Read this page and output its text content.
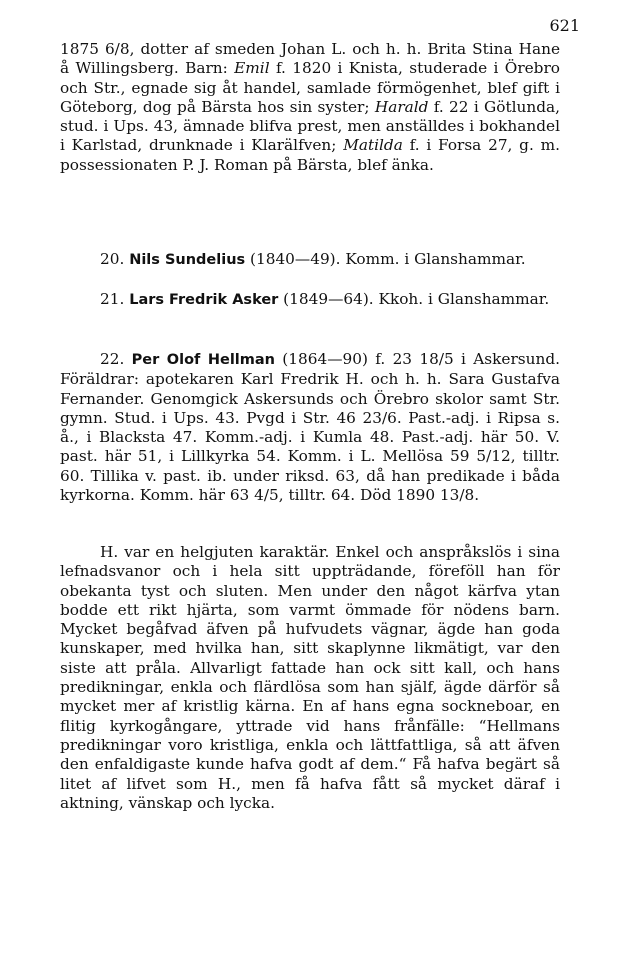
621
1875 6/8, dotter af smeden Johan L. och h. h. Brita Stina Hane å Willingsberg. Barn: Emil f. 1820 i Knista, studerade i Örebro och Str., egnade sig åt handel, samlade förmögenhet, blef gift i Göteborg, dog på Bärsta hos sin syster; Harald f. 22 i Götlunda, stud. i Ups. 43, ämnade blifva prest, men anställdes i bokhandel i Karlstad, drunknade i Klarälfven; Matilda f. i Forsa 27, g. m. possessionaten P. J. Roman på Bärsta, blef änka.
20. Nils Sundelius (1840—49). Komm. i Glanshammar.
21. Lars Fredrik Asker (1849—64). Kkoh. i Glanshammar.
22. Per Olof Hellman (1864—90) f. 23 18/5 i Askersund. Föräldrar: apotekaren Karl Fredrik H. och h. h. Sara Gustafva Fernander. Genomgick Askersunds och Örebro skolor samt Str. gymn. Stud. i Ups. 43. Pvgd i Str. 46 23/6. Past.-adj. i Ripsa s. å., i Blacksta 47. Komm.-adj. i Kumla 48. Past.-adj. här 50. V. past. här 51, i Lillkyrka 54. Komm. i L. Mellösa 59 5/12, tilltr. 60. Tillika v. past. ib. under riksd. 63, då han predikade i båda kyrkorna. Komm. här 63 4/5, tilltr. 64. Död 1890 13/8.
H. var en helgjuten karaktär. Enkel och anspråkslös i sina lefnadsvanor och i hela sitt uppträdande, föreföll han för obekanta tyst och sluten. Men under den något kärfva ytan bodde ett rikt hjärta, som varmt ömmade för nödens barn. Mycket begåfvad äfven på hufvudets vägnar, ägde han goda kunskaper, med hvilka han, sitt skaplynne likmätigt, var den siste att pråla. Allvarligt fattade han ock sitt kall, och hans predikningar, enkla och flärdlösa som han själf, ägde därför så mycket mer af kristlig kärna. En af hans egna sockneboar, en flitig kyrkogångare, yttrade vid hans frånfälle: “Hellmans predikningar voro kristliga, enkla och lättfattliga, så att äfven den enfaldigaste kunde hafva godt af dem.“ Få hafva begärt så litet af lifvet som H., men få hafva fått så mycket däraf i aktning, vänskap och lycka.
